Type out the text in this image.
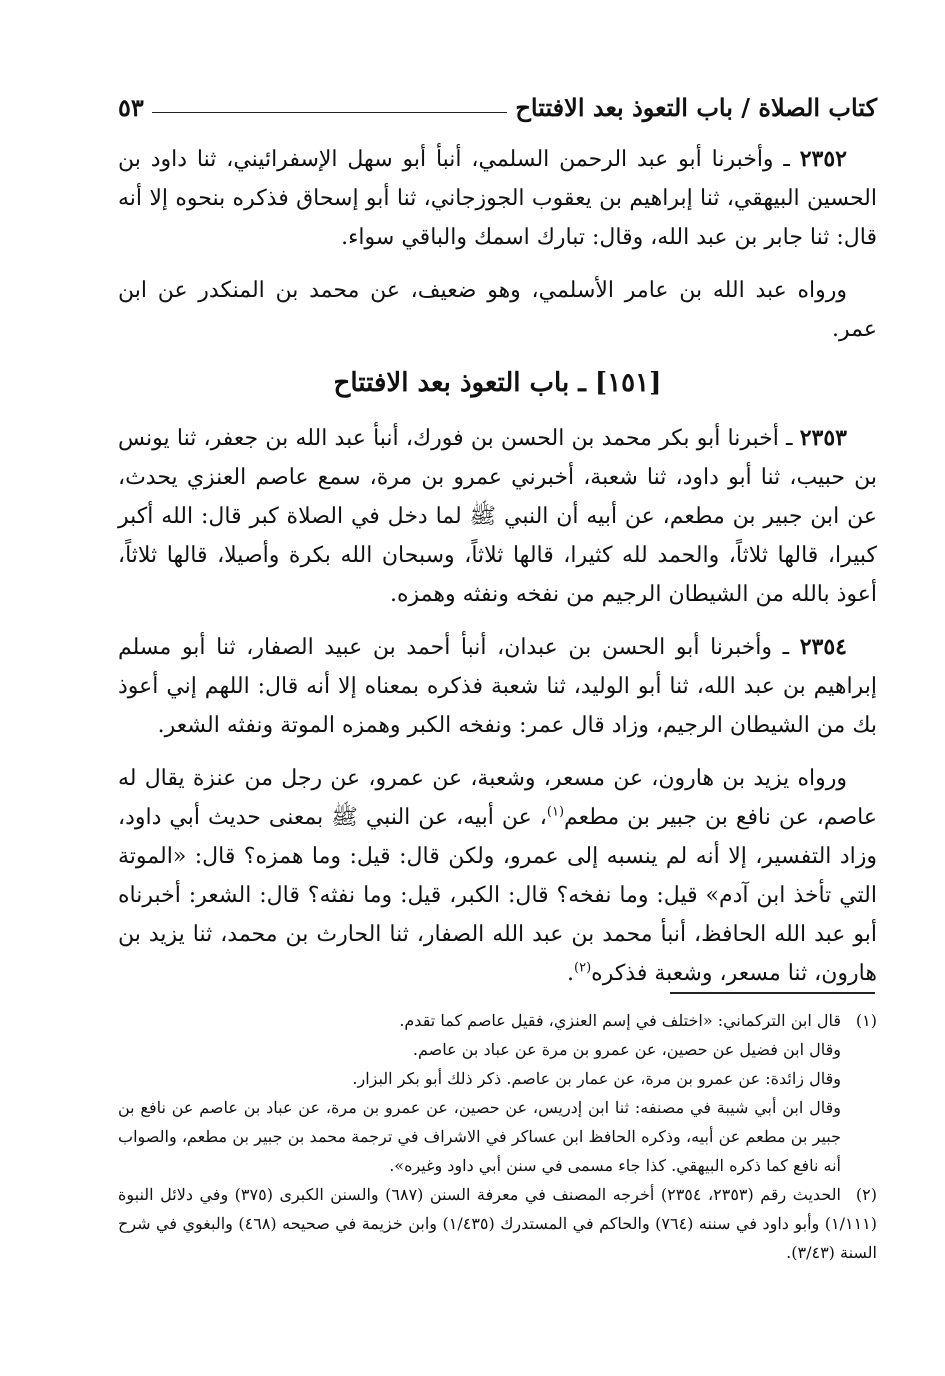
كتاب الصلاة / باب التعوذ بعد الافتتاح
٥٣

٢٣٥٢ ـ وأخبرنا أبو عبد الرحمن السلمي، أنبأ أبو سهل الإسفرائيني، ثنا داود بن الحسين البيهقي، ثنا إبراهيم بن يعقوب الجوزجاني، ثنا أبو إسحاق فذكره بنحوه إلا أنه قال: ثنا جابر بن عبد الله، وقال: تبارك اسمك والباقي سواء.

ورواه عبد الله بن عامر الأسلمي، وهو ضعيف، عن محمد بن المنكدر عن ابن عمر.

[١٥١] ـ باب التعوذ بعد الافتتاح

٢٣٥٣ ـ أخبرنا أبو بكر محمد بن الحسن بن فورك، أنبأ عبد الله بن جعفر، ثنا يونس بن حبيب، ثنا أبو داود، ثنا شعبة، أخبرني عمرو بن مرة، سمع عاصم العنزي يحدث، عن ابن جبير بن مطعم، عن أبيه أن النبي ﷺ لما دخل في الصلاة كبر قال: الله أكبر كبيرا، قالها ثلاثاً، والحمد لله كثيرا، قالها ثلاثاً، وسبحان الله بكرة وأصيلا، قالها ثلاثاً، أعوذ بالله من الشيطان الرجيم من نفخه ونفثه وهمزه.

٢٣٥٤ ـ وأخبرنا أبو الحسن بن عبدان، أنبأ أحمد بن عبيد الصفار، ثنا أبو مسلم إبراهيم بن عبد الله، ثنا أبو الوليد، ثنا شعبة فذكره بمعناه إلا أنه قال: اللهم إني أعوذ بك من الشيطان الرجيم، وزاد قال عمر: ونفخه الكبر وهمزه الموتة ونفثه الشعر.

ورواه يزيد بن هارون، عن مسعر، وشعبة، عن عمرو، عن رجل من عنزة يقال له عاصم، عن نافع بن جبير بن مطعم$^{(١)}$، عن أبيه، عن النبي ﷺ بمعنى حديث أبي داود، وزاد التفسير، إلا أنه لم ينسبه إلى عمرو، ولكن قال: قيل: وما همزه؟ قال: «الموتة التي تأخذ ابن آدم» قيل: وما نفخه؟ قال: الكبر، قيل: وما نفثه؟ قال: الشعر: أخبرناه أبو عبد الله الحافظ، أنبأ محمد بن عبد الله الصفار، ثنا الحارث بن محمد، ثنا يزيد بن هارون، ثنا مسعر، وشعبة فذكره$^{(٢)}$.

(١)قال ابن التركماني: «اختلف في إسم العنزي، فقيل عاصم كما تقدم.

وقال ابن فضيل عن حصين، عن عمرو بن مرة عن عباد بن عاصم.

وقال زائدة: عن عمرو بن مرة، عن عمار بن عاصم. ذكر ذلك أبو بكر البزار.

وقال ابن أبي شيبة في مصنفه: ثنا ابن إدريس، عن حصين، عن عمرو بن مرة، عن عباد بن عاصم عن نافع بن جبير بن مطعم عن أبيه، وذكره الحافظ ابن عساكر في الاشراف في ترجمة محمد بن جبير بن مطعم، والصواب أنه نافع كما ذكره البيهقي. كذا جاء مسمى في سنن أبي داود وغيره».

(٢)الحديث رقم (٢٣٥٣، ٢٣٥٤) أخرجه المصنف في معرفة السنن (٦٨٧) والسنن الكبرى (٣٧٥) وفي دلائل النبوة (١/١١١) وأبو داود في سننه (٧٦٤) والحاكم في المستدرك (١/٤٣٥) وابن خزيمة في صحيحه (٤٦٨) والبغوي في شرح السنة (٣/٤٣).
